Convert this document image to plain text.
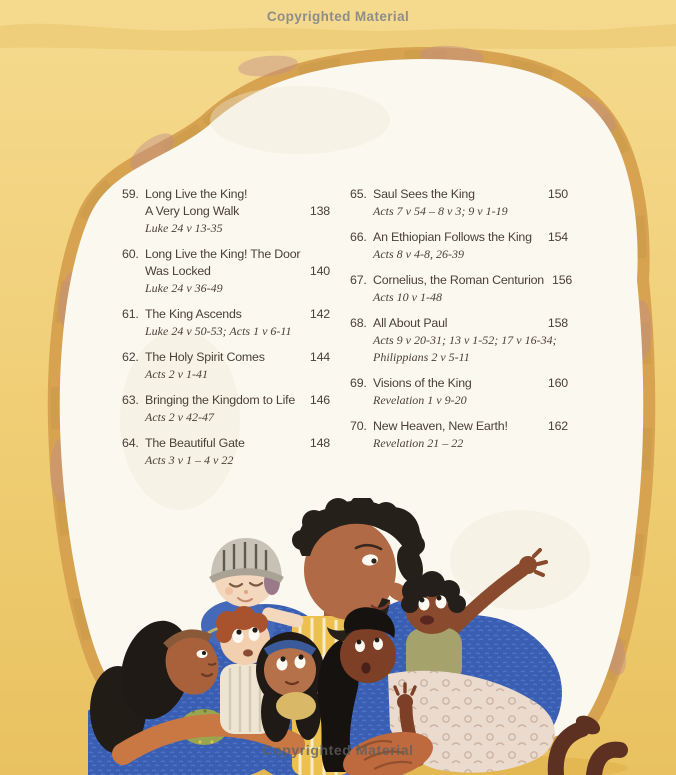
Copyrighted Material
59. Long Live the King!
A Very Long Walk	138
Luke 24 v 13-35
60. Long Live the King! The Door
Was Locked	140
Luke 24 v 36-49
61. The King Ascends	142
Luke 24 v 50-53; Acts 1 v 6-11
62. The Holy Spirit Comes	144
Acts 2 v 1-41
63. Bringing the Kingdom to Life	146
Acts 2 v 42-47
64. The Beautiful Gate	148
Acts 3 v 1 – 4 v 22
65. Saul Sees the King	150
Acts 7 v 54 – 8 v 3; 9 v 1-19
66. An Ethiopian Follows the King	154
Acts 8 v 4-8, 26-39
67. Cornelius, the Roman Centurion 156
Acts 10 v 1-48
68. All About Paul	158
Acts 9 v 20-31; 13 v 1-52; 17 v 16-34;
Philippians 2 v 5-11
69. Visions of the King	160
Revelation 1 v 9-20
70. New Heaven, New Earth!	162
Revelation 21 – 22
Copyrighted Material
